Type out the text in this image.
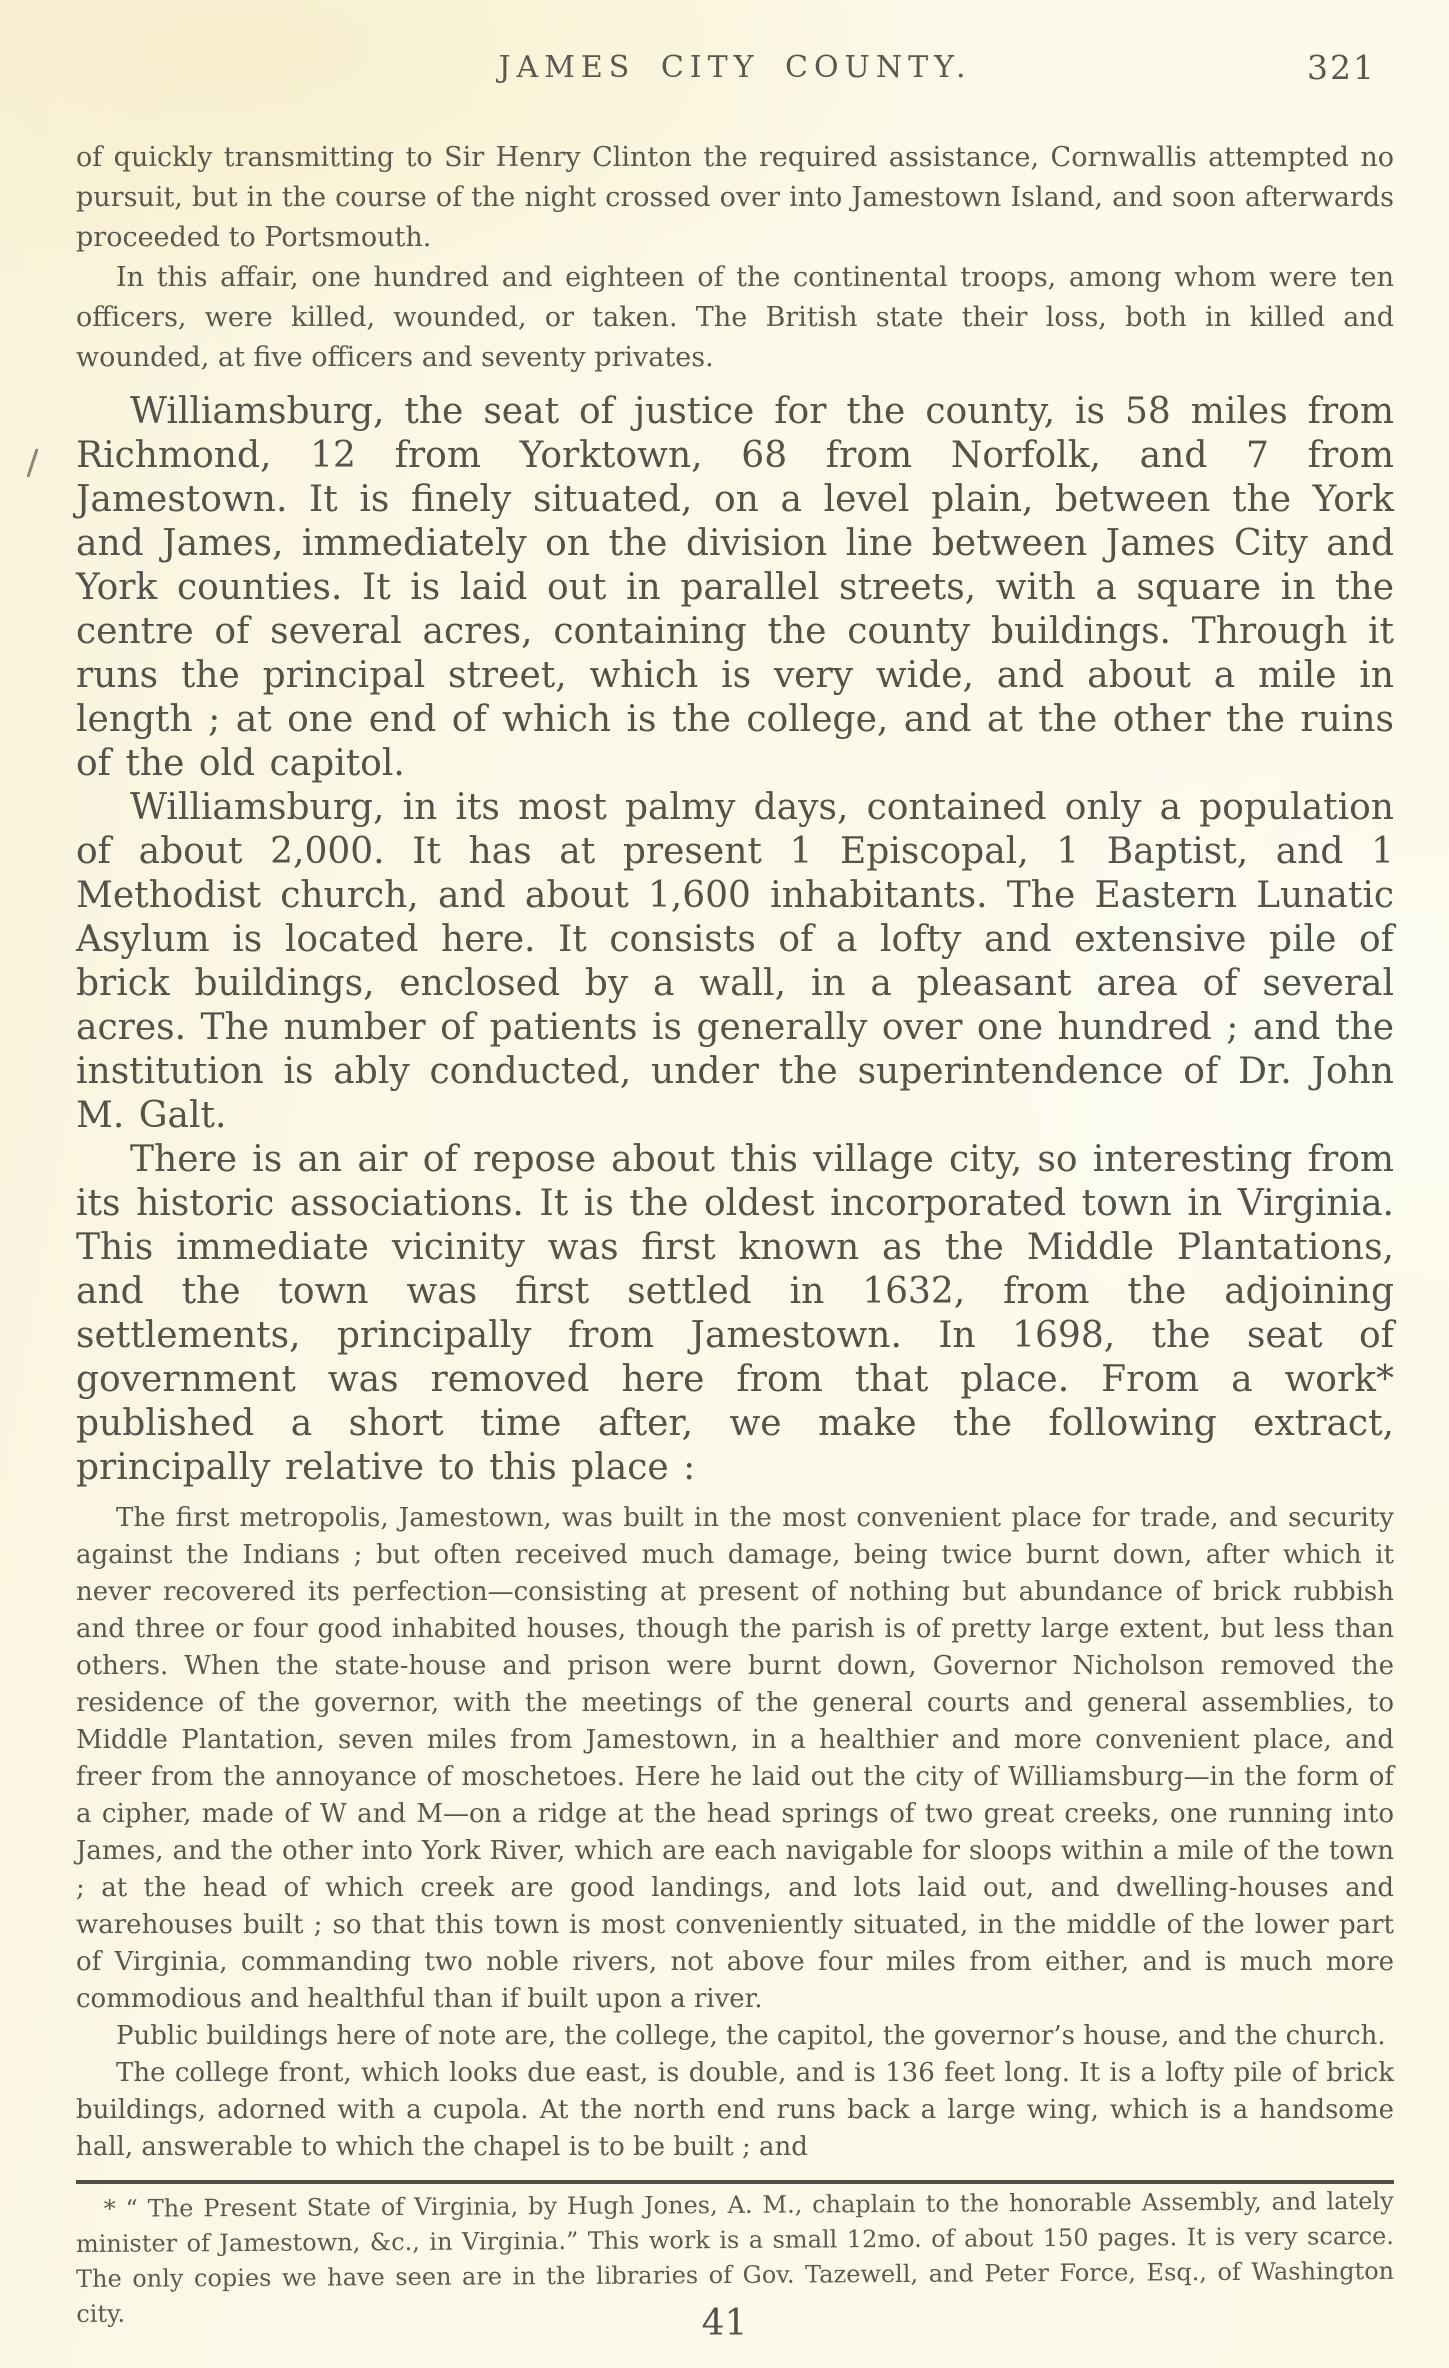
JAMES CITY COUNTY.	321

of quickly transmitting to Sir Henry Clinton the required assistance, Cornwallis attempted no pursuit, but in the course of the night crossed over into Jamestown Island, and soon afterwards proceeded to Portsmouth.

In this affair, one hundred and eighteen of the continental troops, among whom were ten officers, were killed, wounded, or taken. The British state their loss, both in killed and wounded, at five officers and seventy privates.

Williamsburg, the seat of justice for the county, is 58 miles from Richmond, 12 from Yorktown, 68 from Norfolk, and 7 from Jamestown. It is finely situated, on a level plain, between the York and James, immediately on the division line between James City and York counties. It is laid out in parallel streets, with a square in the centre of several acres, containing the county buildings. Through it runs the principal street, which is very wide, and about a mile in length ; at one end of which is the college, and at the other the ruins of the old capitol.

Williamsburg, in its most palmy days, contained only a population of about 2,000. It has at present 1 Episcopal, 1 Baptist, and 1 Methodist church, and about 1,600 inhabitants. The Eastern Lunatic Asylum is located here. It consists of a lofty and extensive pile of brick buildings, enclosed by a wall, in a pleasant area of several acres. The number of patients is generally over one hundred ; and the institution is ably conducted, under the superintendence of Dr. John M. Galt.

There is an air of repose about this village city, so interesting from its historic associations. It is the oldest incorporated town in Virginia. This immediate vicinity was first known as the Middle Plantations, and the town was first settled in 1632, from the adjoining settlements, principally from Jamestown. In 1698, the seat of government was removed here from that place. From a work* published a short time after, we make the following extract, principally relative to this place :

The first metropolis, Jamestown, was built in the most convenient place for trade, and security against the Indians ; but often received much damage, being twice burnt down, after which it never recovered its perfection—consisting at present of nothing but abundance of brick rubbish and three or four good inhabited houses, though the parish is of pretty large extent, but less than others. When the state-house and prison were burnt down, Governor Nicholson removed the residence of the governor, with the meetings of the general courts and general assemblies, to Middle Plantation, seven miles from Jamestown, in a healthier and more convenient place, and freer from the annoyance of moschetoes. Here he laid out the city of Williamsburg—in the form of a cipher, made of W and M—on a ridge at the head springs of two great creeks, one running into James, and the other into York River, which are each navigable for sloops within a mile of the town ; at the head of which creek are good landings, and lots laid out, and dwelling-houses and warehouses built ; so that this town is most conveniently situated, in the middle of the lower part of Virginia, commanding two noble rivers, not above four miles from either, and is much more commodious and healthful than if built upon a river.

Public buildings here of note are, the college, the capitol, the governor’s house, and the church.

The college front, which looks due east, is double, and is 136 feet long. It is a lofty pile of brick buildings, adorned with a cupola. At the north end runs back a large wing, which is a handsome hall, answerable to which the chapel is to be built ; and

* “ The Present State of Virginia, by Hugh Jones, A. M., chaplain to the honorable Assembly, and lately minister of Jamestown, &c., in Virginia.” This work is a small 12mo. of about 150 pages. It is very scarce. The only copies we have seen are in the libraries of Gov. Tazewell, and Peter Force, Esq., of Washington city.	41
